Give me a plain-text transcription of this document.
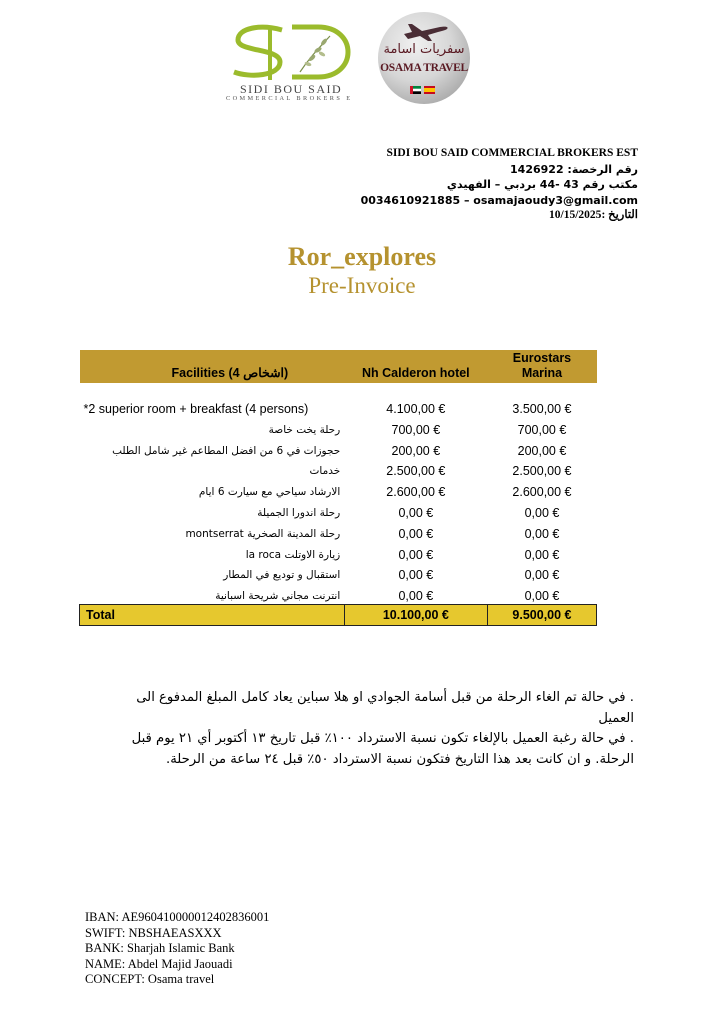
SIDI BOU SAID
COMMERCIAL BROKERS E
سفريات اسامة
OSAMA TRAVEL
SIDI BOU SAID COMMERCIAL BROKERS EST
رقم الرخصة: 1426922
مكتب رقم 43 -44 بردبي – الفهيدي
0034610921885 – osamajaoudy3@gmail.com
التاريخ :10/15/2025
Ror_explores
Pre-Invoice
Facilities (4 اشخاص)	Nh Calderon hotel	Eurostars Marina
*2 superior room + breakfast (4 persons)	4.100,00 €	3.500,00 €
رحلة يخت خاصة	700,00 €	700,00 €
حجوزات في 6 من افضل المطاعم غير شامل الطلب	200,00 €	200,00 €
خدمات	2.500,00 €	2.500,00 €
الارشاد سياحي مع سيارت 6 ايام	2.600,00 €	2.600,00 €
رحلة اندورا الجميلة	0,00 €	0,00 €
رحلة المدينة الصخرية montserrat	0,00 €	0,00 €
زيارة الاوتلت la roca	0,00 €	0,00 €
استقبال و توديع في المطار	0,00 €	0,00 €
انترنت مجاني شريحة اسبانية	0,00 €	0,00 €
Total	10.100,00 €	9.500,00 €

. في حالة تم الغاء الرحلة من قبل أسامة الجوادي او هلا سباين يعاد كامل المبلغ المدفوع الى العميل

. في حالة رغبة العميل بالإلغاء تكون نسبة الاسترداد ١٠٠٪ قبل تاريخ ١٣ أكتوبر أي ٢١ يوم قبل الرحلة. و ان كانت بعد هذا التاريخ فتكون نسبة الاسترداد ٥٠٪ قبل ٢٤ ساعة من الرحلة.

IBAN: AE960410000012402836001
SWIFT: NBSHAEASXXX
BANK: Sharjah Islamic Bank
NAME: Abdel Majid Jaouadi
CONCEPT: Osama travel
